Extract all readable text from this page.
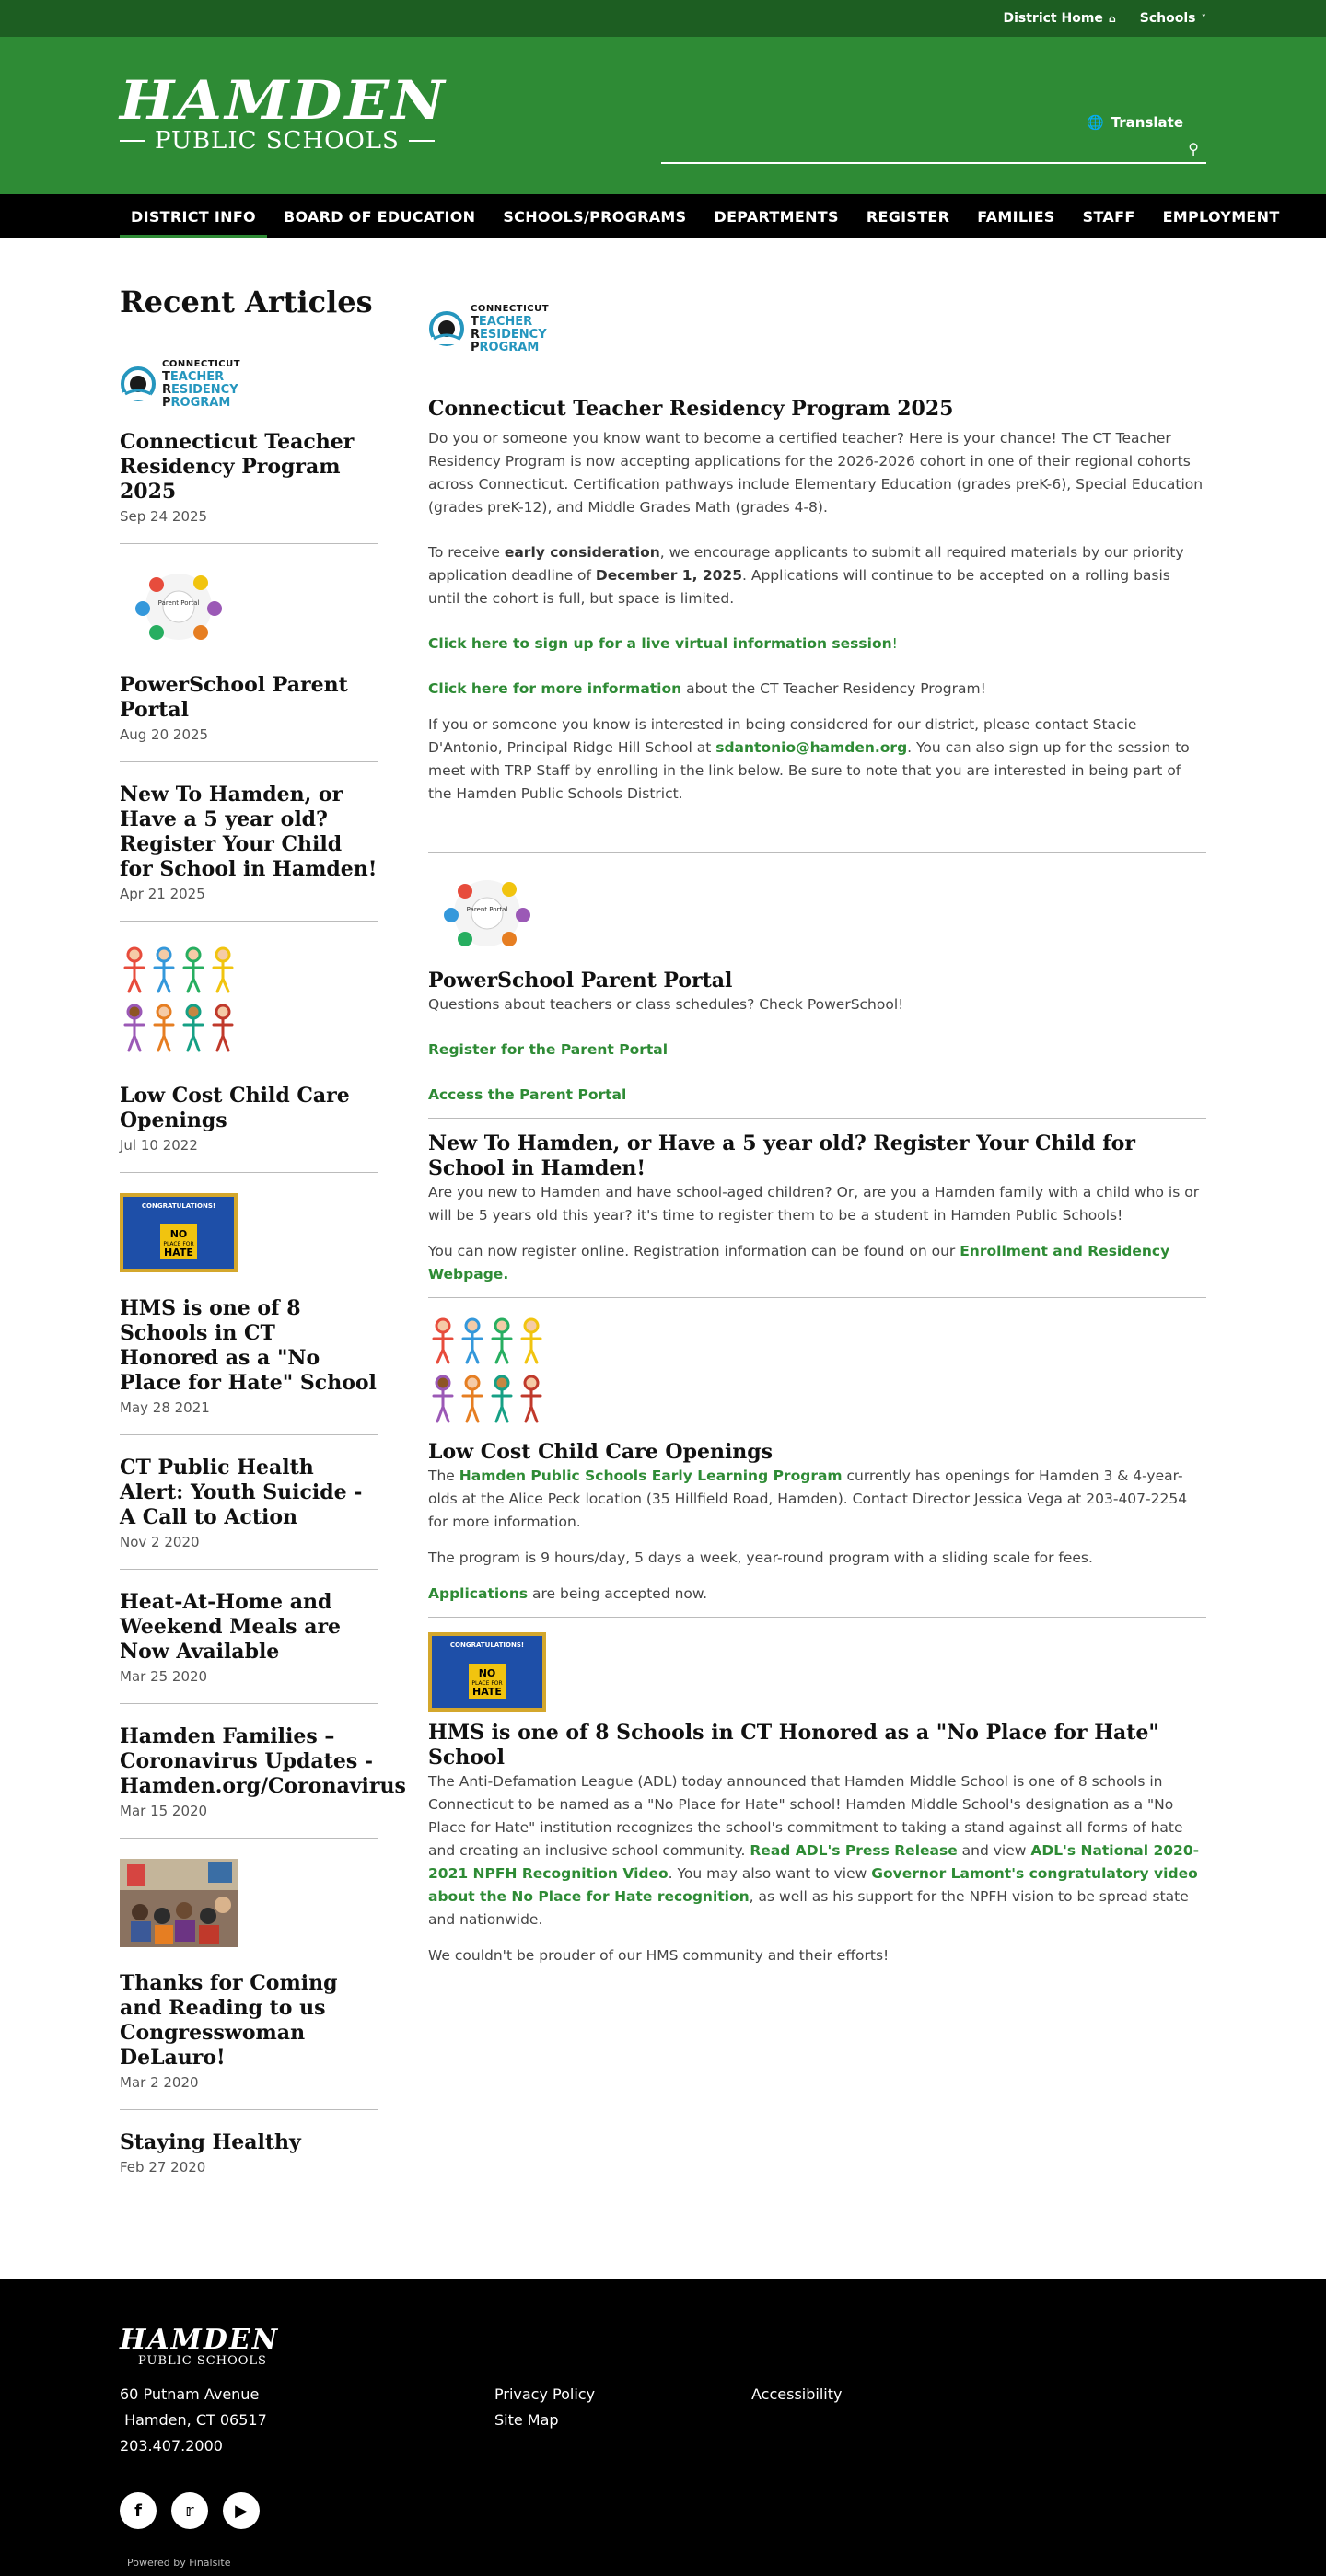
District Home ⌂ Schools ˅
HAMDEN
PUBLIC SCHOOLS
🌐 Translate
⚲
DISTRICT INFO	BOARD OF EDUCATION	SCHOOLS/PROGRAMS	DEPARTMENTS	REGISTER	FAMILIES	STAFF	EMPLOYMENT
Recent Articles
CONNECTICUT
TEACHER
RESIDENCY
PROGRAM
Connecticut Teacher Residency Program 2025
Sep 24 2025
Parent Portal
PowerSchool Parent Portal
Aug 20 2025
New To Hamden, or Have a 5 year old? Register Your Child for School in Hamden!
Apr 21 2025
Low Cost Child Care Openings
Jul 10 2022
CONGRATULATIONS!
NO
PLACE FOR
HATE
HMS is one of 8 Schools in CT Honored as a "No Place for Hate" School
May 28 2021
CT Public Health Alert: Youth Suicide - A Call to Action
Nov 2 2020
Heat-At-Home and Weekend Meals are Now Available
Mar 25 2020
Hamden Families – Coronavirus Updates - Hamden.org/Coronavirus
Mar 15 2020
Thanks for Coming and Reading to us Congresswoman DeLauro!
Mar 2 2020
Staying Healthy
Feb 27 2020
CONNECTICUT
TEACHER
RESIDENCY
PROGRAM
Connecticut Teacher Residency Program 2025

Do you or someone you know want to become a certified teacher? Here is your chance! The CT Teacher Residency Program is now accepting applications for the 2026-2026 cohort in one of their regional cohorts across Connecticut. Certification pathways include Elementary Education (grades preK-6), Special Education (grades preK-12), and Middle Grades Math (grades 4-8).

To receive early consideration, we encourage applicants to submit all required materials by our priority application deadline of December 1, 2025. Applications will continue to be accepted on a rolling basis until the cohort is full, but space is limited.

Click here to sign up for a live virtual information session!

Click here for more information about the CT Teacher Residency Program!

If you or someone you know is interested in being considered for our district, please contact Stacie D'Antonio, Principal Ridge Hill School at sdantonio@hamden.org. You can also sign up for the session to meet with TRP Staff by enrolling in the link below. Be sure to note that you are interested in being part of the Hamden Public Schools District.

Parent Portal
PowerSchool Parent Portal

Questions about teachers or class schedules? Check PowerSchool!

Register for the Parent Portal

Access the Parent Portal

New To Hamden, or Have a 5 year old? Register Your Child for School in Hamden!

Are you new to Hamden and have school-aged children? Or, are you a Hamden family with a child who is or will be 5 years old this year? it's time to register them to be a student in Hamden Public Schools!

You can now register online. Registration information can be found on our Enrollment and Residency Webpage.

Low Cost Child Care Openings

The Hamden Public Schools Early Learning Program currently has openings for Hamden 3 & 4-year-olds at the Alice Peck location (35 Hillfield Road, Hamden). Contact Director Jessica Vega at 203-407-2254 for more information.

The program is 9 hours/day, 5 days a week, year-round program with a sliding scale for fees.

Applications are being accepted now.

CONGRATULATIONS!
NO
PLACE FOR
HATE
HMS is one of 8 Schools in CT Honored as a "No Place for Hate" School

The Anti-Defamation League (ADL) today announced that Hamden Middle School is one of 8 schools in Connecticut to be named as a "No Place for Hate" school! Hamden Middle School's designation as a "No Place for Hate" institution recognizes the school's commitment to taking a stand against all forms of hate and creating an inclusive school community. Read ADL's Press Release and view ADL's National 2020-2021 NPFH Recognition Video. You may also want to view Governor Lamont's congratulatory video about the No Place for Hate recognition, as well as his support for the NPFH vision to be spread state and nationwide.

We couldn't be prouder of our HMS community and their efforts!

HAMDEN
PUBLIC SCHOOLS
60 Putnam Avenue
Hamden, CT 06517
203.407.2000
Privacy Policy
Site Map
Accessibility
f	𝕣	▶
Powered by Finalsite
